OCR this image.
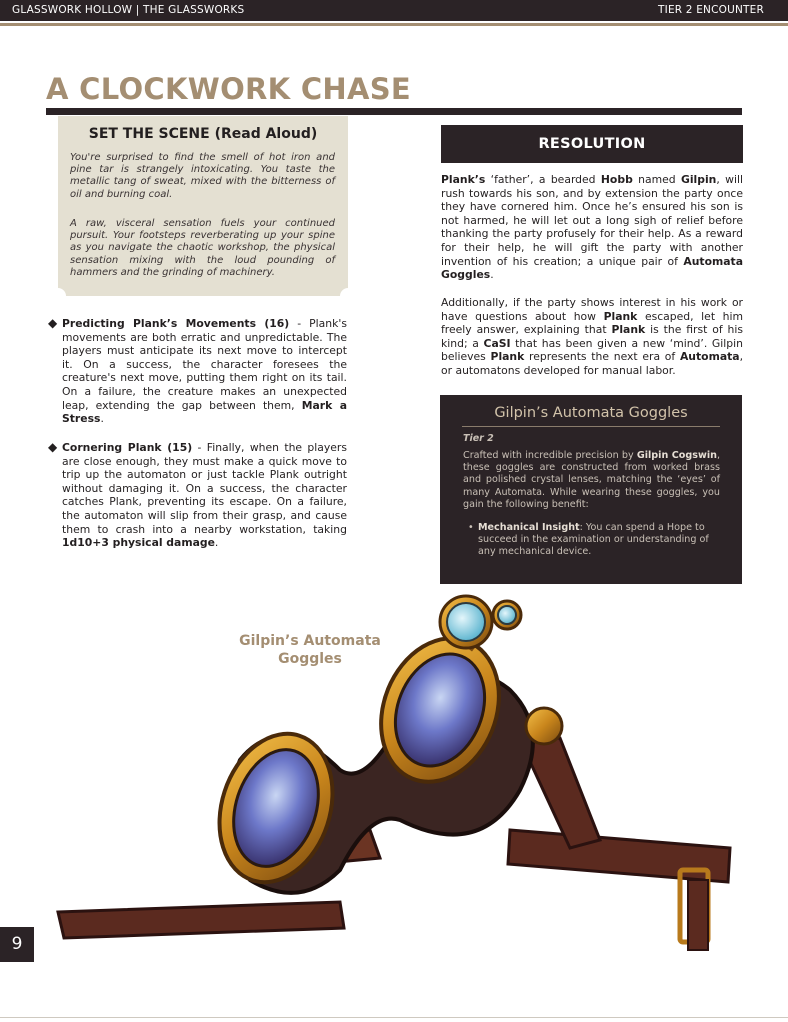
GLASSWORK HOLLOW | THE GLASSWORKS	TIER 2 ENCOUNTER
A CLOCKWORK CHASE
SET THE SCENE (Read Aloud)
You're surprised to find the smell of hot iron and pine tar is strangely intoxicating. You taste the metallic tang of sweat, mixed with the bitterness of oil and burning coal.
A raw, visceral sensation fuels your continued pursuit. Your footsteps reverberating up your spine as you navigate the chaotic workshop, the physical sensation mixing with the loud pounding of hammers and the grinding of machinery.
◆ Predicting Plank’s Movements (16) - Plank's movements are both erratic and unpredictable. The players must anticipate its next move to intercept it. On a success, the character foresees the creature's next move, putting them right on its tail. On a failure, the creature makes an unexpected leap, extending the gap between them, Mark a Stress.
◆ Cornering Plank (15) - Finally, when the players are close enough, they must make a quick move to trip up the automaton or just tackle Plank outright without damaging it. On a success, the character catches Plank, preventing its escape. On a failure, the automaton will slip from their grasp, and cause them to crash into a nearby workstation, taking 1d10+3 physical damage.
RESOLUTION
Plank’s ‘father’, a bearded Hobb named Gilpin, will rush towards his son, and by extension the party once they have cornered him. Once he’s ensured his son is not harmed, he will let out a long sigh of relief before thanking the party profusely for their help. As a reward for their help, he will gift the party with another invention of his creation; a unique pair of Automata Goggles.
Additionally, if the party shows interest in his work or have questions about how Plank escaped, let him freely answer, explaining that Plank is the first of his kind; a CaSI that has been given a new ‘mind’. Gilpin believes Plank represents the next era of Automata, or automatons developed for manual labor.
Gilpin’s Automata Goggles
Tier 2
Crafted with incredible precision by Gilpin Cogswin, these goggles are constructed from worked brass and polished crystal lenses, matching the ‘eyes’ of many Automata. While wearing these goggles, you gain the following benefit:
• Mechanical Insight: You can spend a Hope to succeed in the examination or understanding of any mechanical device.
Gilpin’s Automata Goggles
9
